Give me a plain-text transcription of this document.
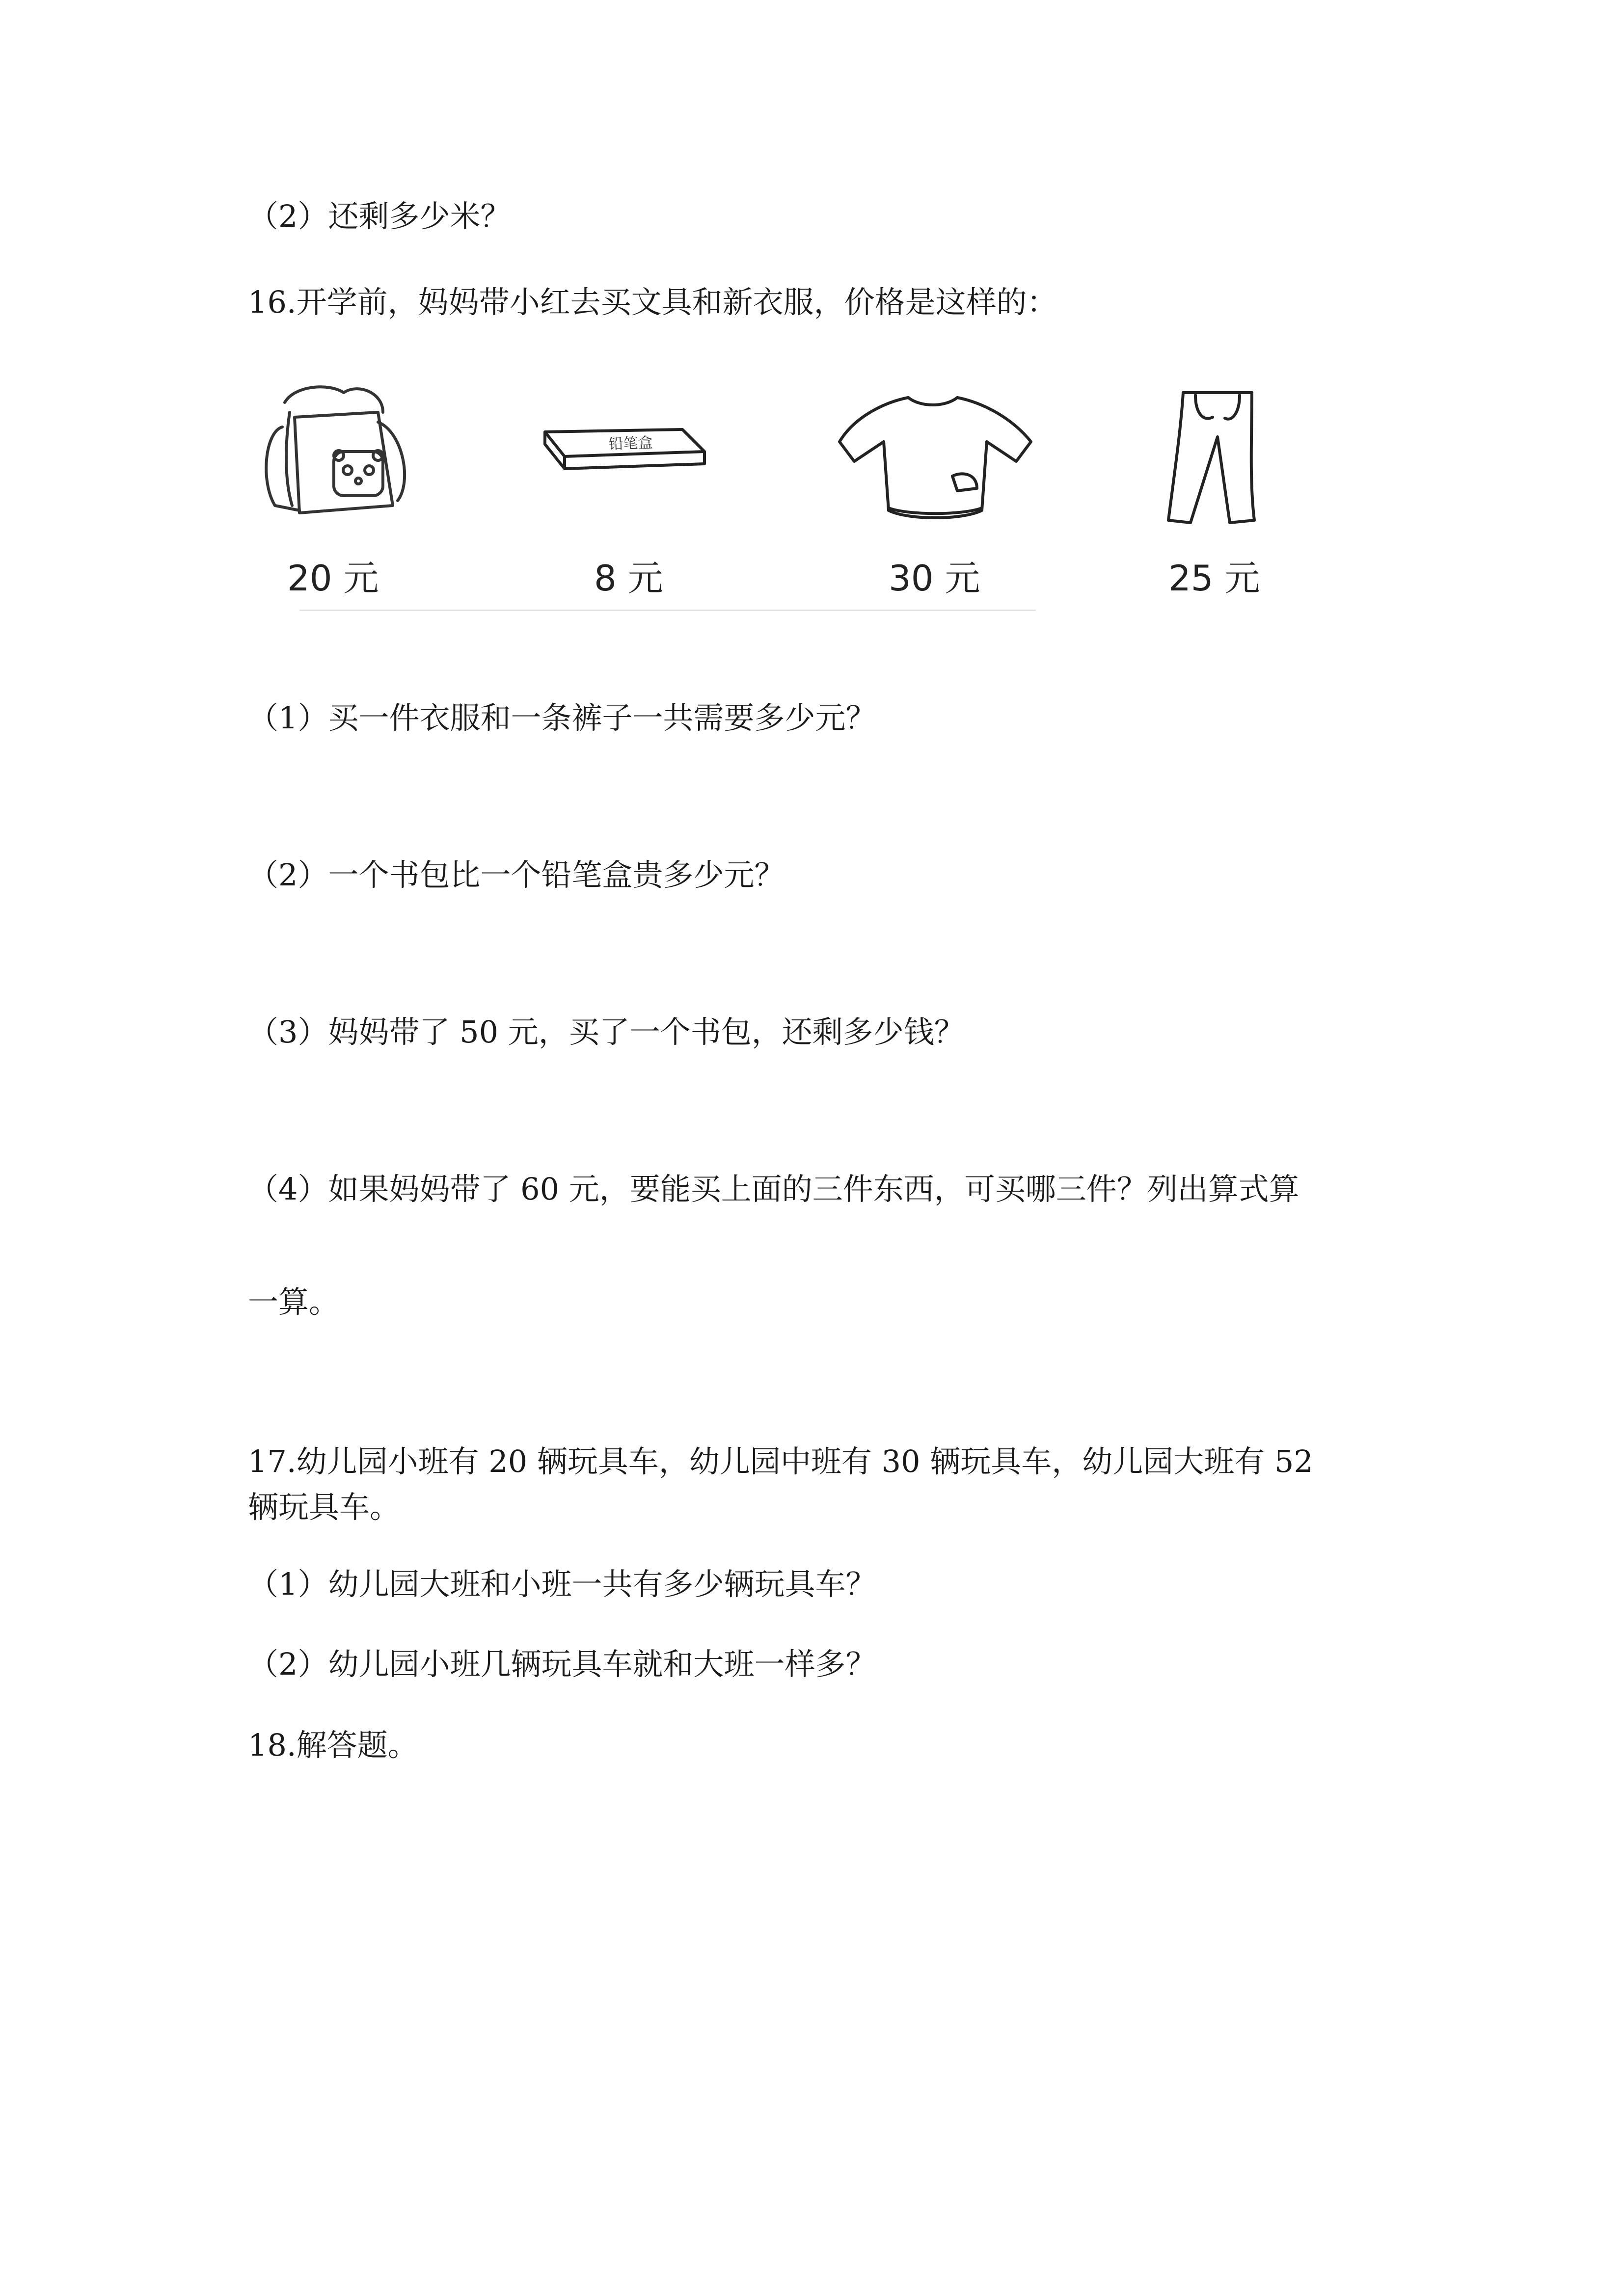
（2）还剩多少米？
16.开学前，妈妈带小红去买文具和新衣服，价格是这样的：
20 元
铅笔盒
8 元	30 元	25 元
（1）买一件衣服和一条裤子一共需要多少元？
（2）一个书包比一个铅笔盒贵多少元？
（3）妈妈带了 50 元，买了一个书包，还剩多少钱？
（4）如果妈妈带了 60 元，要能买上面的三件东西，可买哪三件？列出算式算
一算。
17.幼儿园小班有 20 辆玩具车，幼儿园中班有 30 辆玩具车，幼儿园大班有 52
辆玩具车。
（1）幼儿园大班和小班一共有多少辆玩具车？
（2）幼儿园小班几辆玩具车就和大班一样多？
18.解答题。
